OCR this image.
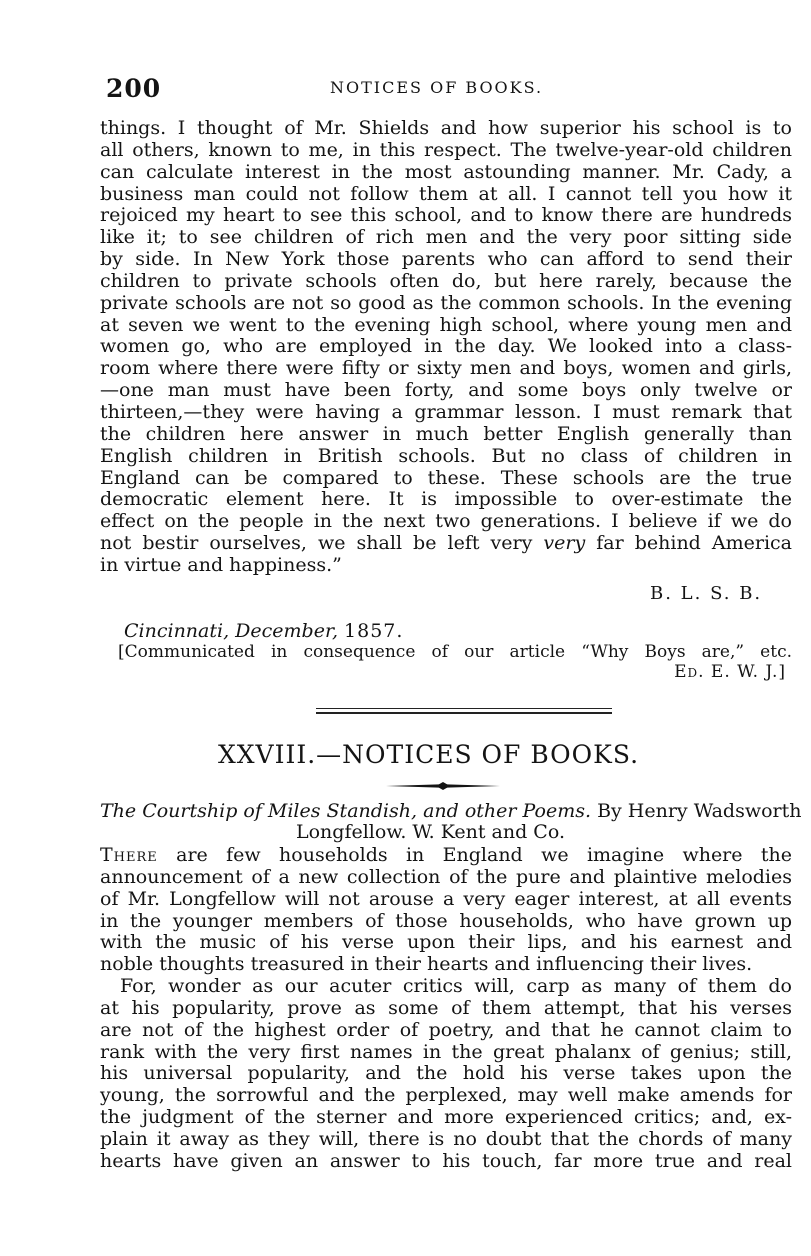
200	NOTICES OF BOOKS.
things. I thought of Mr. Shields and how superior his school is to
all others, known to me, in this respect. The twelve-year-old children
can calculate interest in the most astounding manner. Mr. Cady, a
business man could not follow them at all. I cannot tell you how it
rejoiced my heart to see this school, and to know there are hundreds
like it; to see children of rich men and the very poor sitting side
by side. In New York those parents who can afford to send their
children to private schools often do, but here rarely, because the
private schools are not so good as the common schools. In the evening
at seven we went to the evening high school, where young men and
women go, who are employed in the day. We looked into a class-
room where there were fifty or sixty men and boys, women and girls,
—one man must have been forty, and some boys only twelve or
thirteen,—they were having a grammar lesson. I must remark that
the children here answer in much better English generally than
English children in British schools. But no class of children in
England can be compared to these. These schools are the true
democratic element here. It is impossible to over-estimate the
effect on the people in the next two generations. I believe if we do
not bestir ourselves, we shall be left very very far behind America
in virtue and happiness.”
B. L. S. B.
Cincinnati, December, 1857.
[Communicated in consequence of our article “Why Boys are,” etc.
Ed. E. W. J.]
XXVIII.—NOTICES OF BOOKS.
The Courtship of Miles Standish, and other Poems. By Henry Wadsworth
Longfellow. W. Kent and Co.
There are few households in England we imagine where the
announcement of a new collection of the pure and plaintive melodies
of Mr. Longfellow will not arouse a very eager interest, at all events
in the younger members of those households, who have grown up
with the music of his verse upon their lips, and his earnest and
noble thoughts treasured in their hearts and influencing their lives.
For, wonder as our acuter critics will, carp as many of them do
at his popularity, prove as some of them attempt, that his verses
are not of the highest order of poetry, and that he cannot claim to
rank with the very first names in the great phalanx of genius; still,
his universal popularity, and the hold his verse takes upon the
young, the sorrowful and the perplexed, may well make amends for
the judgment of the sterner and more experienced critics; and, ex-
plain it away as they will, there is no doubt that the chords of many
hearts have given an answer to his touch, far more true and real
